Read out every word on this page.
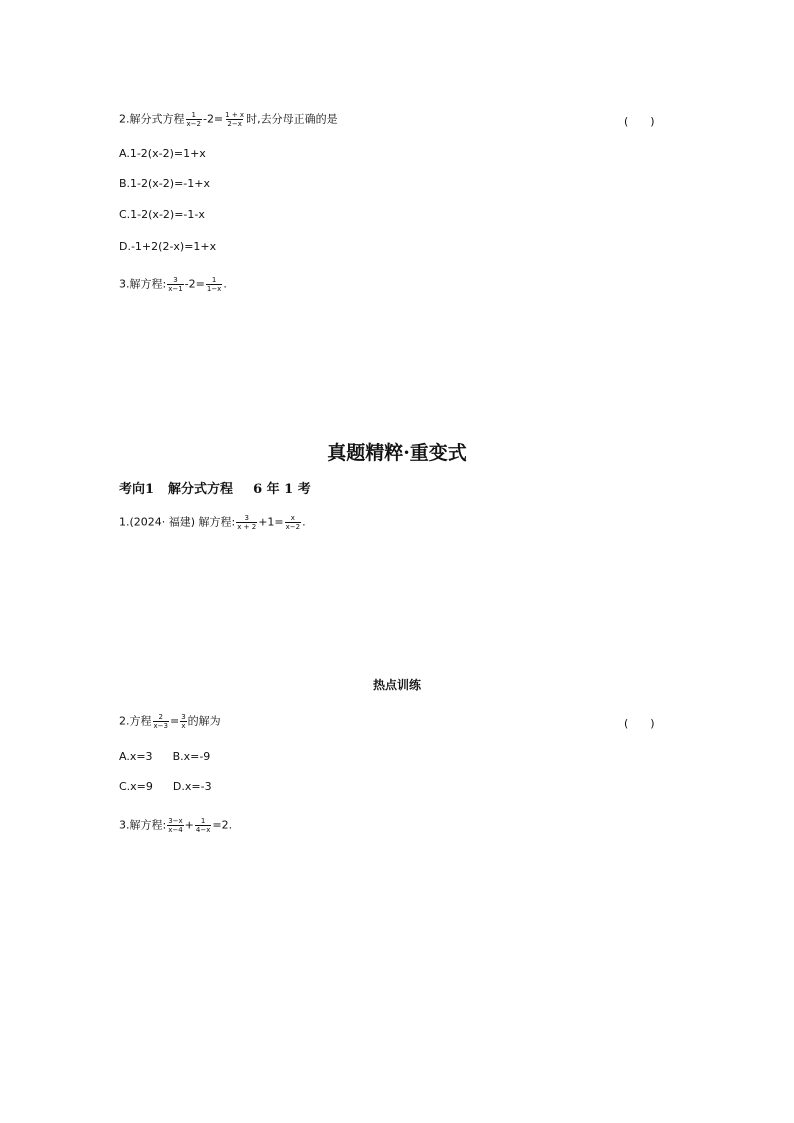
2.解分式方程 $\frac{1}{x-2} -2= \frac{1 + x}{2-x}$ 时,去分母正确的是	(　　)
A.1-2(x-2)=1+x
B.1-2(x-2)=-1+x
C.1-2(x-2)=-1-x
D.-1+2(2-x)=1+x
3.解方程: $\frac{3}{x-1} -2= \frac{1}{1-x}$ .
真题精粹·重变式
考向1 解分式方程 6 年 1 考
1.(2024· 福建) 解方程: $\frac{3}{x + 2} +1= \frac{x}{x-2}$ .
热点训练
2.方程 $\frac{2}{x-3} = \frac{3}{x}$ 的解为	(　　)
A.x=3 B.x=-9
C.x=9 D.x=-3
3.解方程: $\frac{3-x}{x-4} + \frac{1}{4-x} =2$.
